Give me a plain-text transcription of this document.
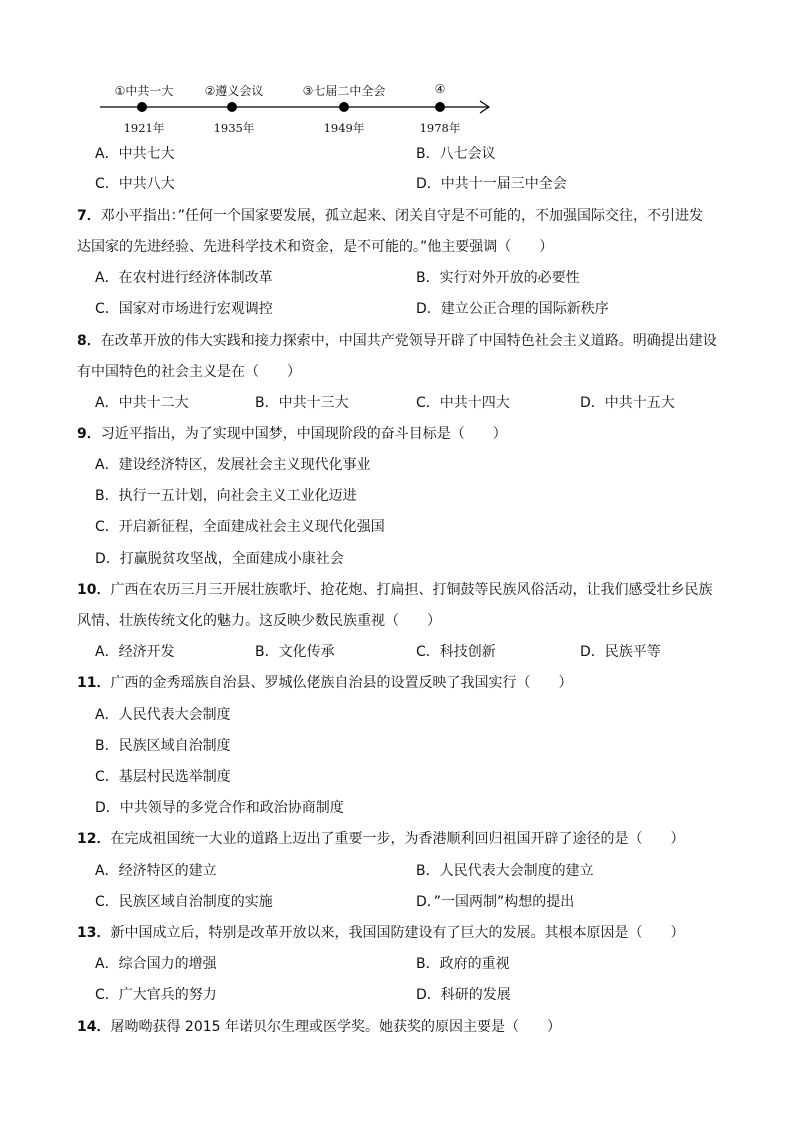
①中共一大	②遵义会议	③七届二中全会	④
1921年	1935年	1949年	1978年
A．中共七大	B．八七会议
C．中共八大	D．中共十一届三中全会
7．邓小平指出：”任何一个国家要发展，孤立起来、闭关自守是不可能的，不加强国际交往，不引进发
达国家的先进经验、先进科学技术和资金，是不可能的。”他主要强调（　　）
A．在农村进行经济体制改革	B．实行对外开放的必要性
C．国家对市场进行宏观调控	D．建立公正合理的国际新秩序
8．在改革开放的伟大实践和接力探索中，中国共产党领导开辟了中国特色社会主义道路。明确提出建设
有中国特色的社会主义是在（　　）
A．中共十二大	B．中共十三大	C．中共十四大	D．中共十五大
9．习近平指出，为了实现中国梦，中国现阶段的奋斗目标是（　　）
A．建设经济特区，发展社会主义现代化事业
B．执行一五计划，向社会主义工业化迈进
C．开启新征程，全面建成社会主义现代化强国
D．打赢脱贫攻坚战，全面建成小康社会
10．广西在农历三月三开展壮族歌圩、抢花炮、打扁担、打铜鼓等民族风俗活动，让我们感受壮乡民族
风情、壮族传统文化的魅力。这反映少数民族重视（　　）
A．经济开发	B．文化传承	C．科技创新	D．民族平等
11．广西的金秀瑶族自治县、罗城仫佬族自治县的设置反映了我国实行（　　）
A．人民代表大会制度
B．民族区域自治制度
C．基层村民选举制度
D．中共领导的多党合作和政治协商制度
12．在完成祖国统一大业的道路上迈出了重要一步，为香港顺利回归祖国开辟了途径的是（　　）
A．经济特区的建立	B．人民代表大会制度的建立
C．民族区域自治制度的实施	D．”一国两制”构想的提出
13．新中国成立后，特别是改革开放以来，我国国防建设有了巨大的发展。其根本原因是（　　）
A．综合国力的增强	B．政府的重视
C．广大官兵的努力	D．科研的发展
14．屠呦呦获得 2015 年诺贝尔生理或医学奖。她获奖的原因主要是（　　）
